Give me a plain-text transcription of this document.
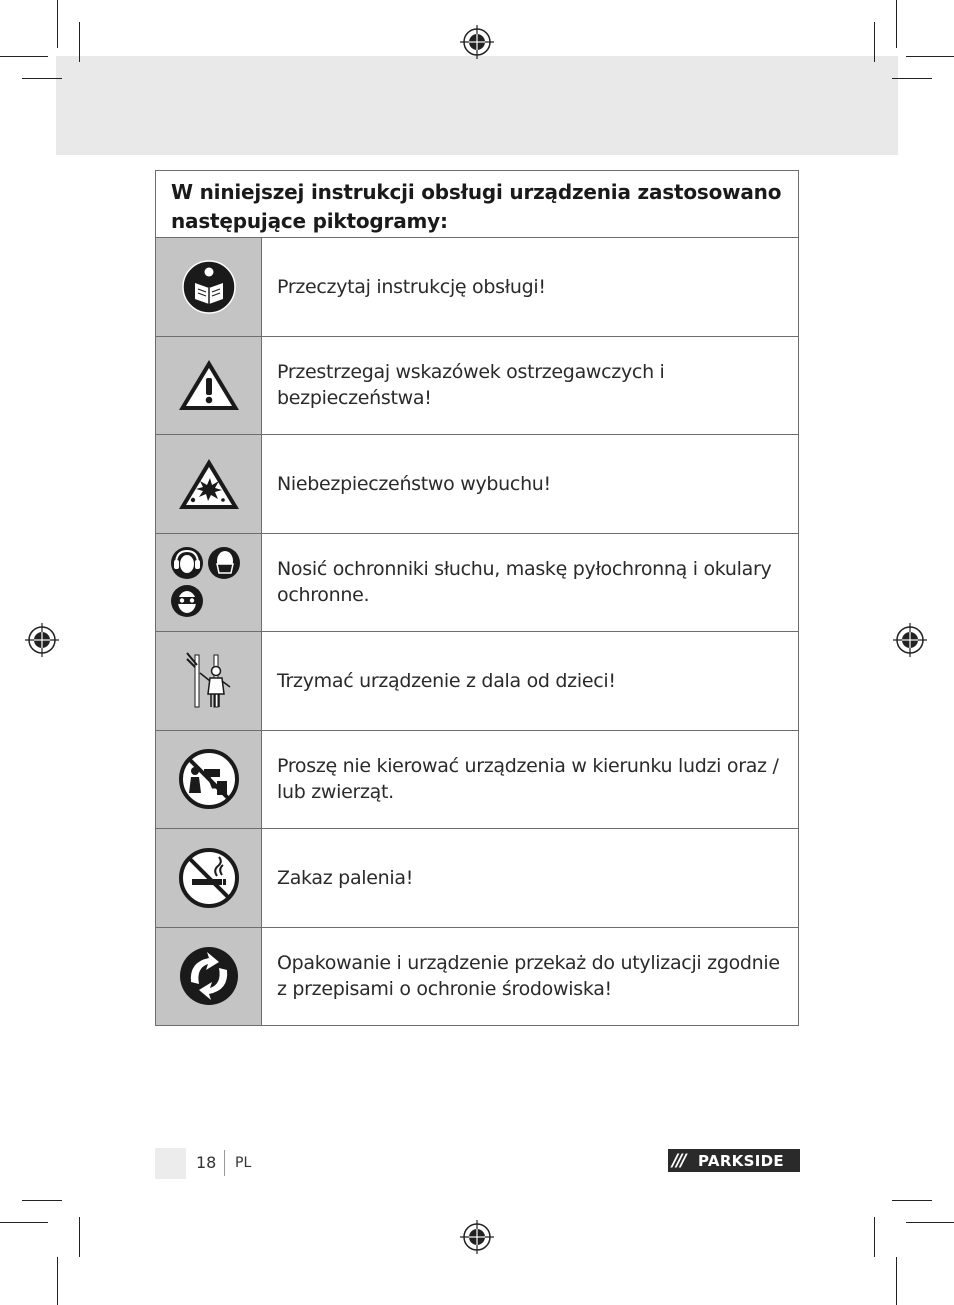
W niniejszej instrukcji obsługi urządzenia zastosowano
następujące piktogramy:
Przeczytaj instrukcję obsługi!
Przestrzegaj wskazówek ostrzegawczych i bezpieczeństwa!
Niebezpieczeństwo wybuchu!
Nosić ochronniki słuchu, maskę pyłochronną i okulary ochronne.
Trzymać urządzenie z dala od dzieci!
Proszę nie kierować urządzenia w kierunku ludzi oraz / lub zwierząt.
Zakaz palenia!
Opakowanie i urządzenie przekaż do utylizacji zgodnie z przepisami o ochronie środowiska!
18 PL	/// PARKSIDE
